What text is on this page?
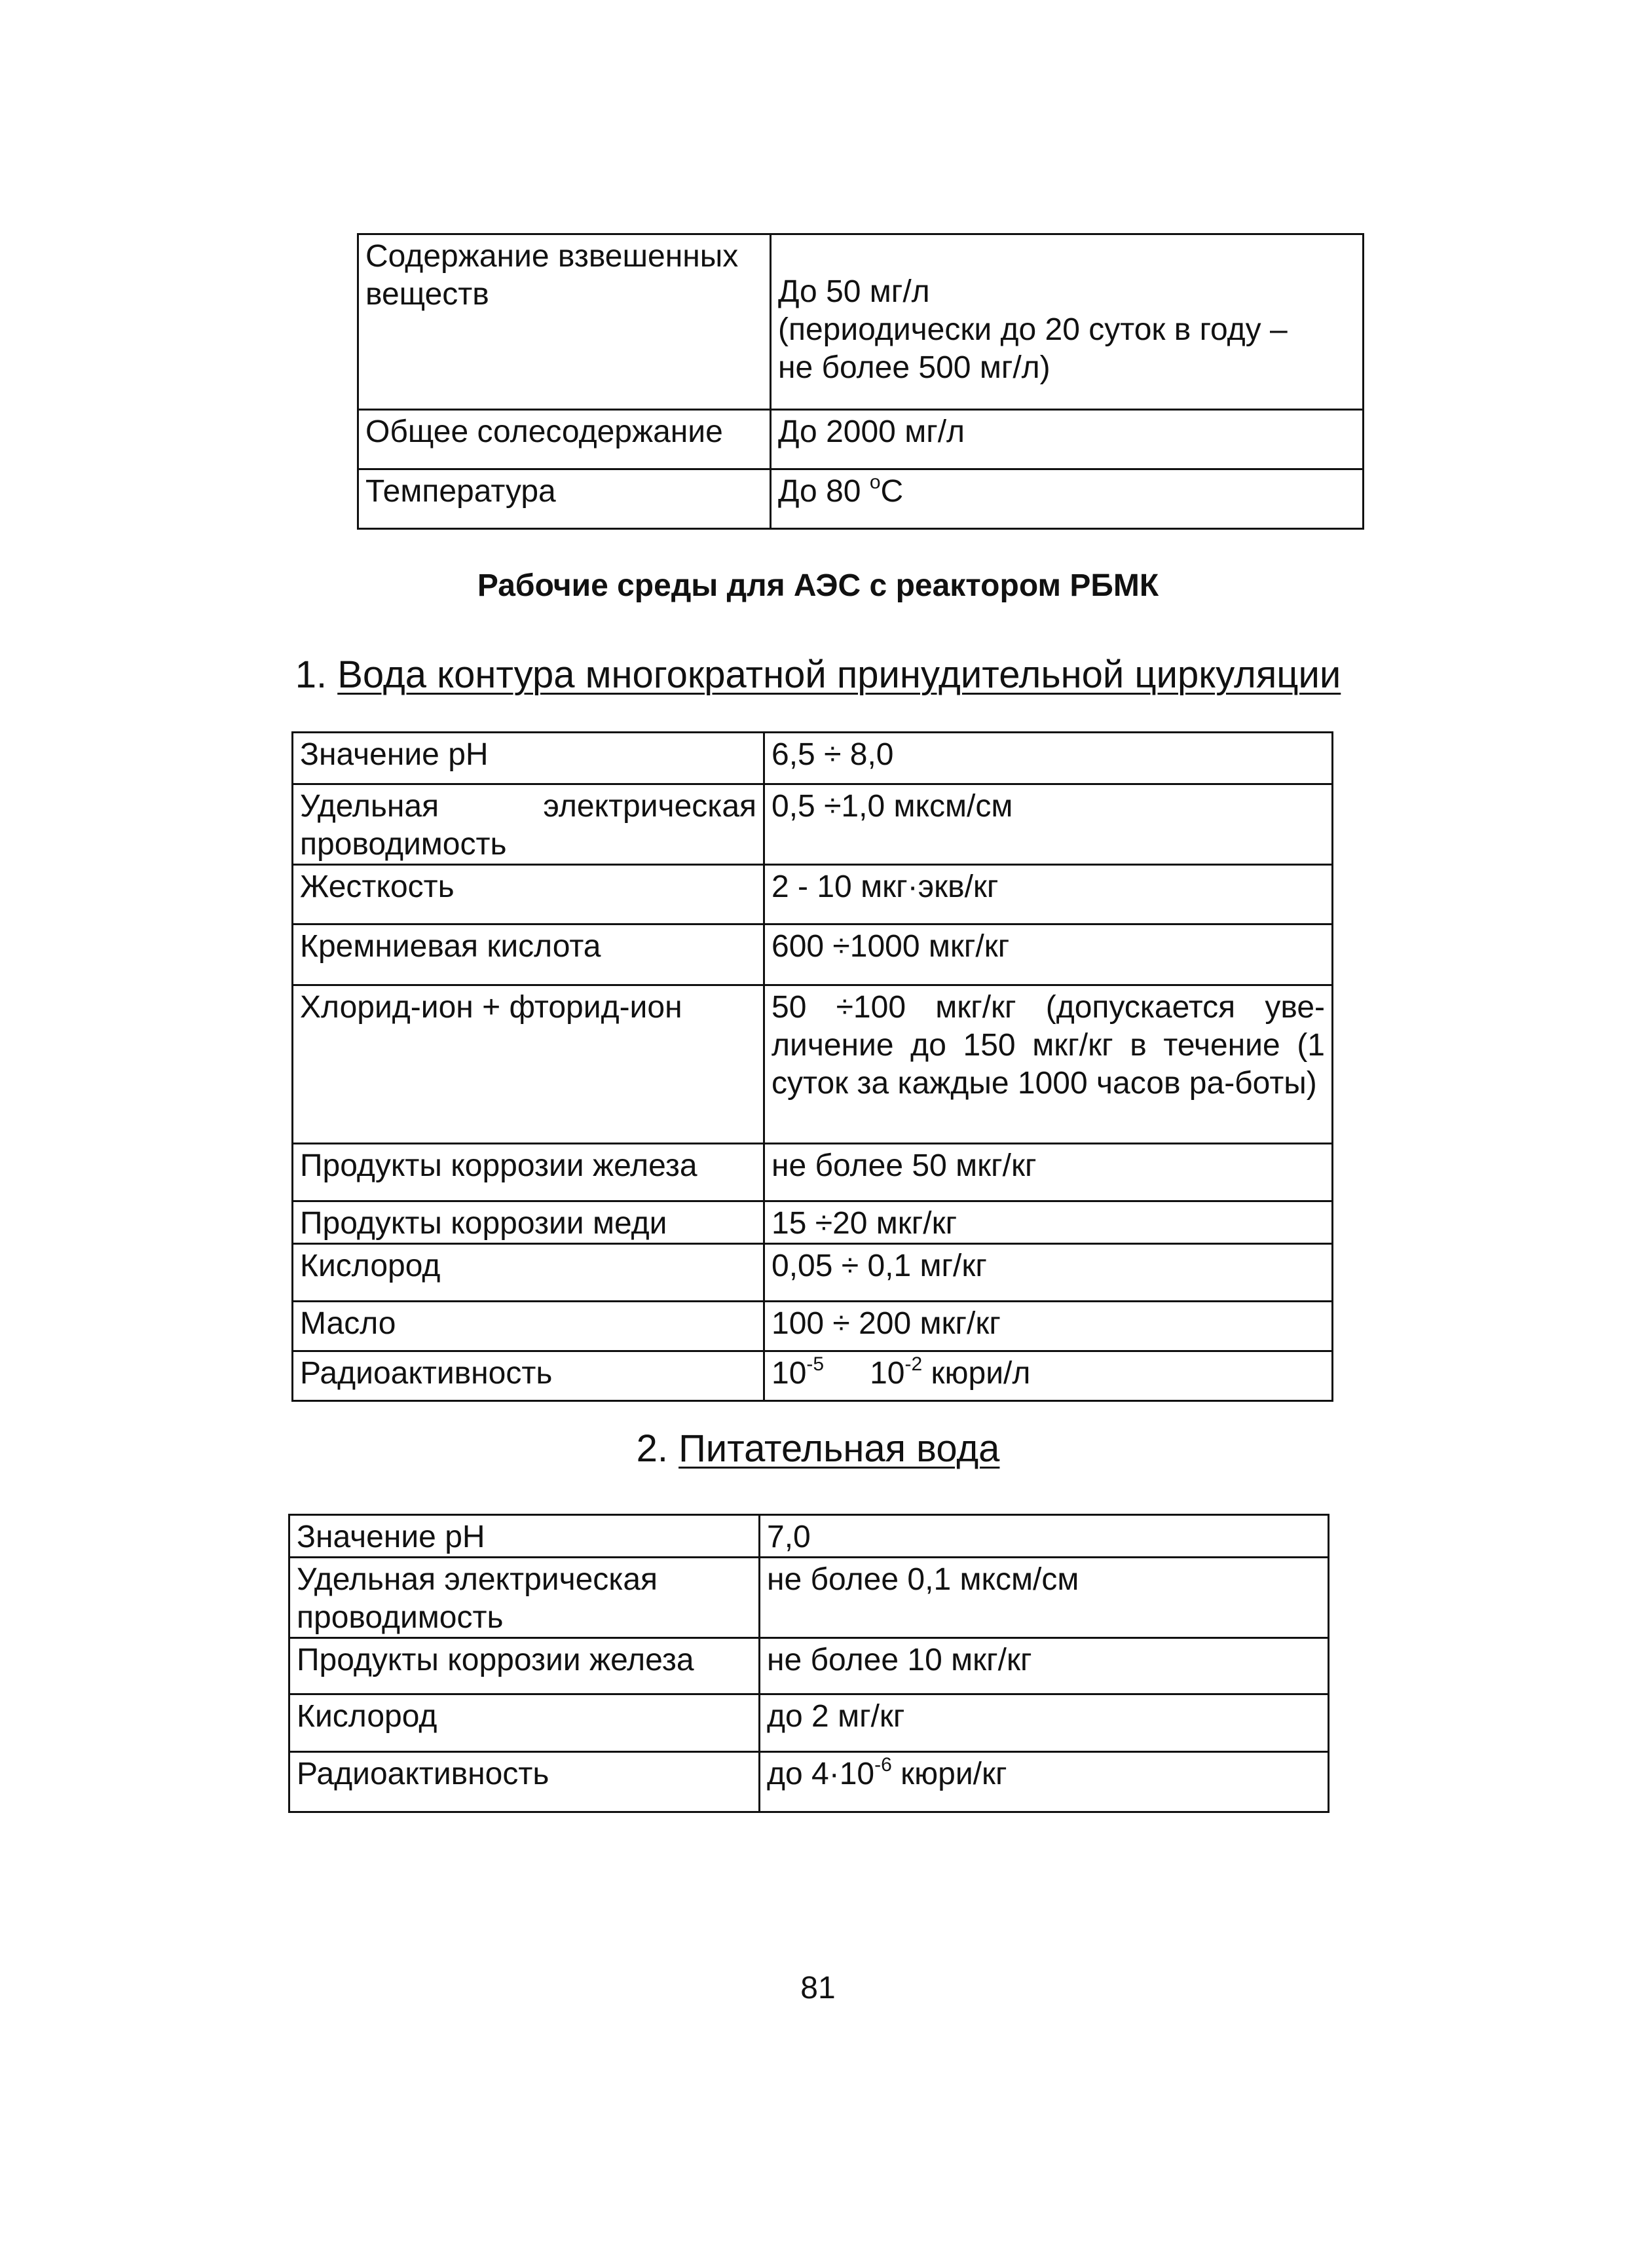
Содержание взвешенных веществ	До 50 мг/л
(периодически до 20 суток в году –
не более 500 мг/л)

Общее солесодержание	До 2000 мг/л
Температура	До 80 $^о$С
Рабочие среды для АЭС с реактором РБМК
1. Вода контура многократной принудительной циркуляции
Значение рН	6,5 ÷ 8,0
Удельная электрическая проводимость	0,5 ÷1,0 мксм/см
Жесткость	2 - 10 мкг·экв/кг
Кремниевая кислота	600 ÷1000 мкг/кг
Хлорид-ион + фторид-ион	50 ÷100 мкг/кг (допускается уве-личение до 150 мкг/кг в течение (1 суток за каждые 1000 часов ра-боты)
Продукты коррозии железа	не более 50 мкг/кг
Продукты коррозии меди	15 ÷20 мкг/кг
Кислород	0,05 ÷ 0,1 мг/кг
Масло	100 ÷ 200 мкг/кг
Радиоактивность	$10^{-5}$ $10^{-2}$ кюри/л
2. Питательная вода
Значение рН	7,0
Удельная электрическая проводимость	не более 0,1 мксм/см
Продукты коррозии железа	не более 10 мкг/кг
Кислород	до 2 мг/кг
Радиоактивность	до $4\cdot 10^{-6}$ кюри/кг
81
